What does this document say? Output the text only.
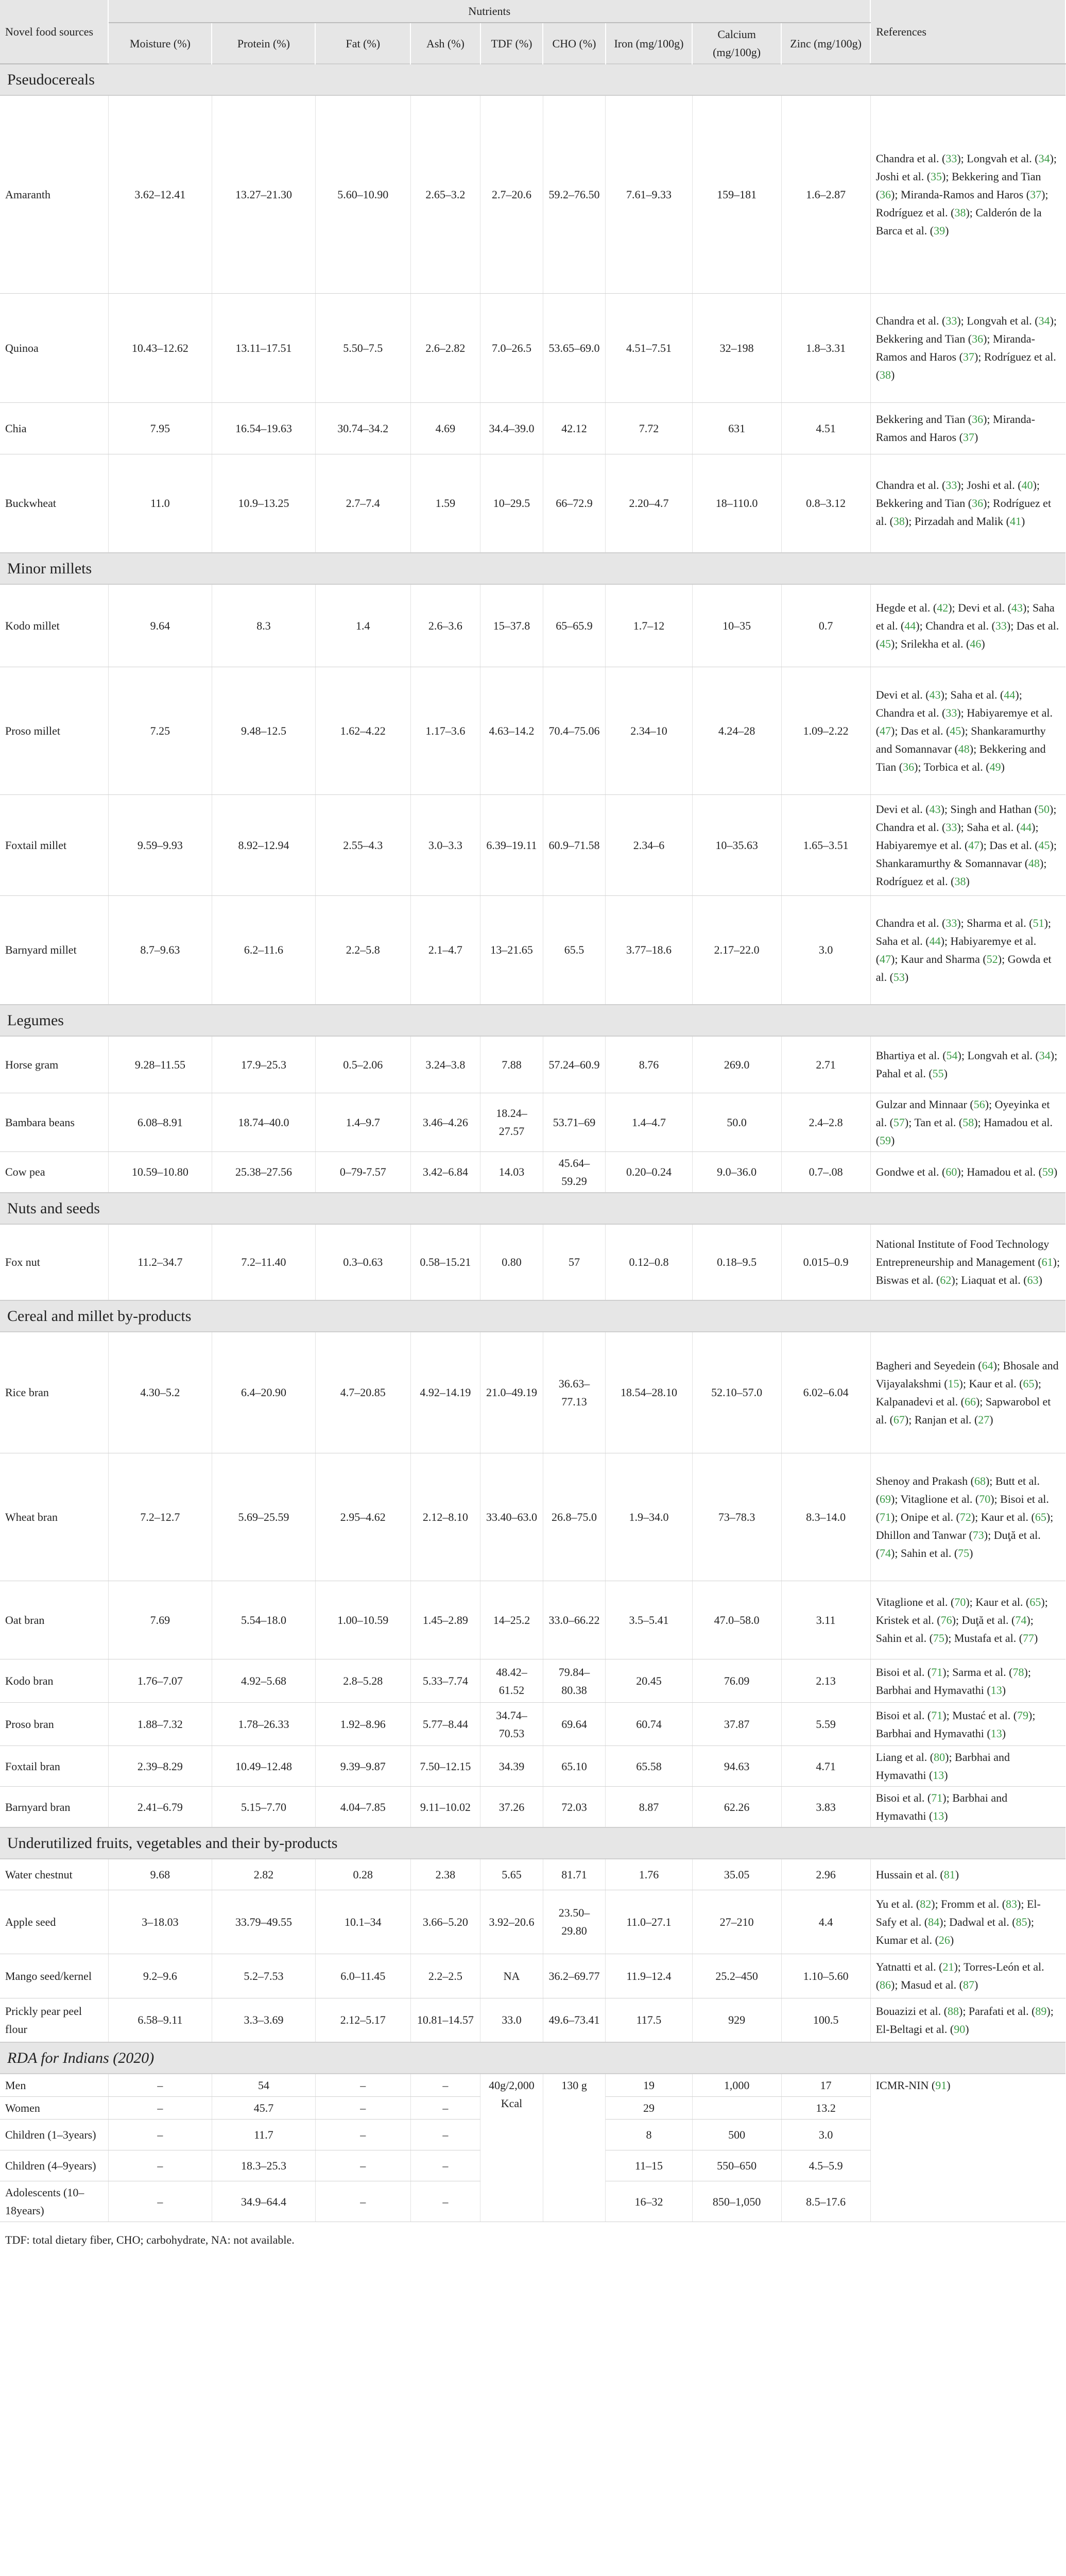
Novel food sources	Nutrients									References
	Moisture (%)	Protein (%)	Fat (%)	Ash (%)	TDF (%)	CHO (%)	Iron (mg/100g)	Calcium (mg/100g)	Zinc (mg/100g)	
Pseudocereals										
Amaranth	3.62–12.41	13.27–21.30	5.60–10.90	2.65–3.2	2.7–20.6	59.2–76.50	7.61–9.33	159–181	1.6–2.87	Chandra et al. (33); Longvah et al. (34); Joshi et al. (35); Bekkering and Tian (36); Miranda-Ramos and Haros (37); Rodríguez et al. (38); Calderón de la Barca et al. (39)
Quinoa	10.43–12.62	13.11–17.51	5.50–7.5	2.6–2.82	7.0–26.5	53.65–69.0	4.51–7.51	32–198	1.8–3.31	Chandra et al. (33); Longvah et al. (34); Bekkering and Tian (36); Miranda-Ramos and Haros (37); Rodríguez et al. (38)
Chia	7.95	16.54–19.63	30.74–34.2	4.69	34.4–39.0	42.12	7.72	631	4.51	Bekkering and Tian (36); Miranda-Ramos and Haros (37)
Buckwheat	11.0	10.9–13.25	2.7–7.4	1.59	10–29.5	66–72.9	2.20–4.7	18–110.0	0.8–3.12	Chandra et al. (33); Joshi et al. (40); Bekkering and Tian (36); Rodríguez et al. (38); Pirzadah and Malik (41)
Minor millets										
Kodo millet	9.64	8.3	1.4	2.6–3.6	15–37.8	65–65.9	1.7–12	10–35	0.7	Hegde et al. (42); Devi et al. (43); Saha et al. (44); Chandra et al. (33); Das et al. (45); Srilekha et al. (46)
Proso millet	7.25	9.48–12.5	1.62–4.22	1.17–3.6	4.63–14.2	70.4–75.06	2.34–10	4.24–28	1.09–2.22	Devi et al. (43); Saha et al. (44); Chandra et al. (33); Habiyaremye et al. (47); Das et al. (45); Shankaramurthy and Somannavar (48); Bekkering and Tian (36); Torbica et al. (49)
Foxtail millet	9.59–9.93	8.92–12.94	2.55–4.3	3.0–3.3	6.39–19.11	60.9–71.58	2.34–6	10–35.63	1.65–3.51	Devi et al. (43); Singh and Hathan (50); Chandra et al. (33); Saha et al. (44); Habiyaremye et al. (47); Das et al. (45); Shankaramurthy & Somannavar (48); Rodríguez et al. (38)
Barnyard millet	8.7–9.63	6.2–11.6	2.2–5.8	2.1–4.7	13–21.65	65.5	3.77–18.6	2.17–22.0	3.0	Chandra et al. (33); Sharma et al. (51); Saha et al. (44); Habiyaremye et al. (47); Kaur and Sharma (52); Gowda et al. (53)
Legumes										
Horse gram	9.28–11.55	17.9–25.3	0.5–2.06	3.24–3.8	7.88	57.24–60.9	8.76	269.0	2.71	Bhartiya et al. (54); Longvah et al. (34); Pahal et al. (55)
Bambara beans	6.08–8.91	18.74–40.0	1.4–9.7	3.46–4.26	18.24–27.57	53.71–69	1.4–4.7	50.0	2.4–2.8	Gulzar and Minnaar (56); Oyeyinka et al. (57); Tan et al. (58); Hamadou et al. (59)
Cow pea	10.59–10.80	25.38–27.56	0–79-7.57	3.42–6.84	14.03	45.64–59.29	0.20–0.24	9.0–36.0	0.7–.08	Gondwe et al. (60); Hamadou et al. (59)
Nuts and seeds										
Fox nut	11.2–34.7	7.2–11.40	0.3–0.63	0.58–15.21	0.80	57	0.12–0.8	0.18–9.5	0.015–0.9	National Institute of Food Technology Entrepreneurship and Management (61); Biswas et al. (62); Liaquat et al. (63)
Cereal and millet by-products										
Rice bran	4.30–5.2	6.4–20.90	4.7–20.85	4.92–14.19	21.0–49.19	36.63–77.13	18.54–28.10	52.10–57.0	6.02–6.04	Bagheri and Seyedein (64); Bhosale and Vijayalakshmi (15); Kaur et al. (65); Kalpanadevi et al. (66); Sapwarobol et al. (67); Ranjan et al. (27)
Wheat bran	7.2–12.7	5.69–25.59	2.95–4.62	2.12–8.10	33.40–63.0	26.8–75.0	1.9–34.0	73–78.3	8.3–14.0	Shenoy and Prakash (68); Butt et al. (69); Vitaglione et al. (70); Bisoi et al. (71); Onipe et al. (72); Kaur et al. (65); Dhillon and Tanwar (73); Duţă et al. (74); Sahin et al. (75)
Oat bran	7.69	5.54–18.0	1.00–10.59	1.45–2.89	14–25.2	33.0–66.22	3.5–5.41	47.0–58.0	3.11	Vitaglione et al. (70); Kaur et al. (65); Kristek et al. (76); Duţă et al. (74); Sahin et al. (75); Mustafa et al. (77)
Kodo bran	1.76–7.07	4.92–5.68	2.8–5.28	5.33–7.74	48.42–61.52	79.84–80.38	20.45	76.09	2.13	Bisoi et al. (71); Sarma et al. (78); Barbhai and Hymavathi (13)
Proso bran	1.88–7.32	1.78–26.33	1.92–8.96	5.77–8.44	34.74–70.53	69.64	60.74	37.87	5.59	Bisoi et al. (71); Mustać et al. (79); Barbhai and Hymavathi (13)
Foxtail bran	2.39–8.29	10.49–12.48	9.39–9.87	7.50–12.15	34.39	65.10	65.58	94.63	4.71	Liang et al. (80); Barbhai and Hymavathi (13)
Barnyard bran	2.41–6.79	5.15–7.70	4.04–7.85	9.11–10.02	37.26	72.03	8.87	62.26	3.83	Bisoi et al. (71); Barbhai and Hymavathi (13)
Underutilized fruits, vegetables and their by-products										
Water chestnut	9.68	2.82	0.28	2.38	5.65	81.71	1.76	35.05	2.96	Hussain et al. (81)
Apple seed	3–18.03	33.79–49.55	10.1–34	3.66–5.20	3.92–20.6	23.50–29.80	11.0–27.1	27–210	4.4	Yu et al. (82); Fromm et al. (83); El-Safy et al. (84); Dadwal et al. (85); Kumar et al. (26)
Mango seed/kernel	9.2–9.6	5.2–7.53	6.0–11.45	2.2–2.5	NA	36.2–69.77	11.9–12.4	25.2–450	1.10–5.60	Yatnatti et al. (21); Torres-León et al. (86); Masud et al. (87)
Prickly pear peel flour	6.58–9.11	3.3–3.69	2.12–5.17	10.81–14.57	33.0	49.6–73.41	117.5	929	100.5	Bouazizi et al. (88); Parafati et al. (89); El-Beltagi et al. (90)
RDA for Indians (2020)										
Men	–	54	–	–	40g/2,000 Kcal	130 g	19	1,000	17	ICMR-NIN (91)
Women	–	45.7	–	–			29		13.2	
Children (1–3years)	–	11.7	–	–			8	500	3.0	
Children (4–9years)	–	18.3–25.3	–	–			11–15	550–650	4.5–5.9	
Adolescents (10–18years)	–	34.9–64.4	–	–			16–32	850–1,050	8.5–17.6	
TDF: total dietary fiber, CHO; carbohydrate, NA: not available.
